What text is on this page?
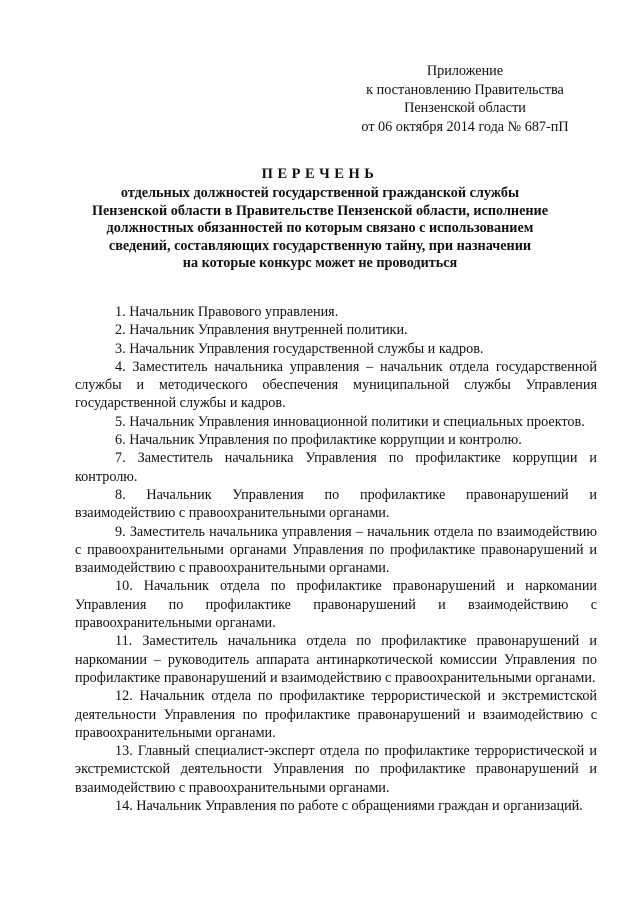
Приложение
к постановлению Правительства
Пензенской области
от 06 октября 2014 года № 687-пП
ПЕРЕЧЕНЬ
отдельных должностей государственной гражданской службы
Пензенской области в Правительстве Пензенской области, исполнение
должностных обязанностей по которым связано с использованием
сведений, составляющих государственную тайну, при назначении
на которые конкурс может не проводиться
1. Начальник Правового управления.
2. Начальник Управления внутренней политики.
3. Начальник Управления государственной службы и кадров.
4. Заместитель начальника управления – начальник отдела государственной службы и методического обеспечения муниципальной службы Управления государственной службы и кадров.
5. Начальник Управления инновационной политики и специальных проектов.
6. Начальник Управления по профилактике коррупции и контролю.
7. Заместитель начальника Управления по профилактике коррупции и контролю.
8. Начальник Управления по профилактике правонарушений и взаимодействию с правоохранительными органами.
9. Заместитель начальника управления – начальник отдела по взаимодействию с правоохранительными органами Управления по профилактике правонарушений и взаимодействию с правоохранительными органами.
10. Начальник отдела по профилактике правонарушений и наркомании Управления по профилактике правонарушений и взаимодействию с правоохранительными органами.
11. Заместитель начальника отдела по профилактике правонарушений и наркомании – руководитель аппарата антинаркотической комиссии Управления по профилактике правонарушений и взаимодействию с правоохранительными органами.
12. Начальник отдела по профилактике террористической и экстремистской деятельности Управления по профилактике правонарушений и взаимодействию с правоохранительными органами.
13. Главный специалист-эксперт отдела по профилактике террористической и экстремистской деятельности Управления по профилактике правонарушений и взаимодействию с правоохранительными органами.
14. Начальник Управления по работе с обращениями граждан и организаций.
